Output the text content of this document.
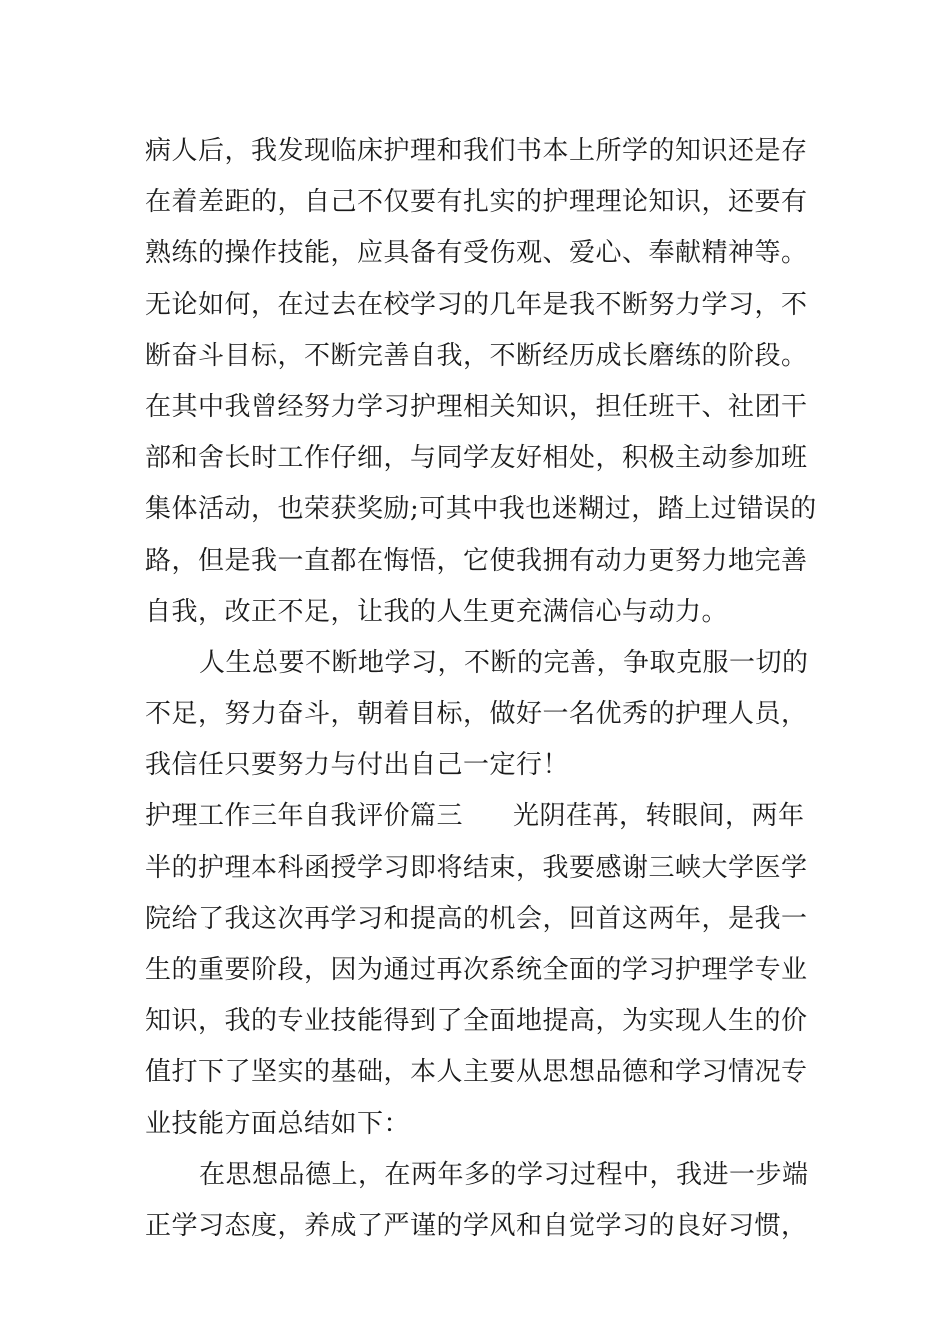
病人后，我发现临床护理和我们书本上所学的知识还是存
在着差距的，自己不仅要有扎实的护理理论知识，还要有
熟练的操作技能，应具备有受伤观、爱心、奉献精神等。
无论如何，在过去在校学习的几年是我不断努力学习，不
断奋斗目标，不断完善自我，不断经历成长磨练的阶段。
在其中我曾经努力学习护理相关知识，担任班干、社团干
部和舍长时工作仔细，与同学友好相处，积极主动参加班
集体活动，也荣获奖励;可其中我也迷糊过，踏上过错误的
路，但是我一直都在悔悟，它使我拥有动力更努力地完善
自我，改正不足，让我的人生更充满信心与动力。
人生总要不断地学习，不断的完善，争取克服一切的
不足，努力奋斗，朝着目标，做好一名优秀的护理人员，
我信任只要努力与付出自己一定行！
护理工作三年自我评价篇三 光阴荏苒，转眼间，两年
半的护理本科函授学习即将结束，我要感谢三峡大学医学
院给了我这次再学习和提高的机会，回首这两年，是我一
生的重要阶段，因为通过再次系统全面的学习护理学专业
知识，我的专业技能得到了全面地提高，为实现人生的价
值打下了坚实的基础，本人主要从思想品德和学习情况专
业技能方面总结如下：
在思想品德上，在两年多的学习过程中，我进一步端
正学习态度，养成了严谨的学风和自觉学习的良好习惯，
